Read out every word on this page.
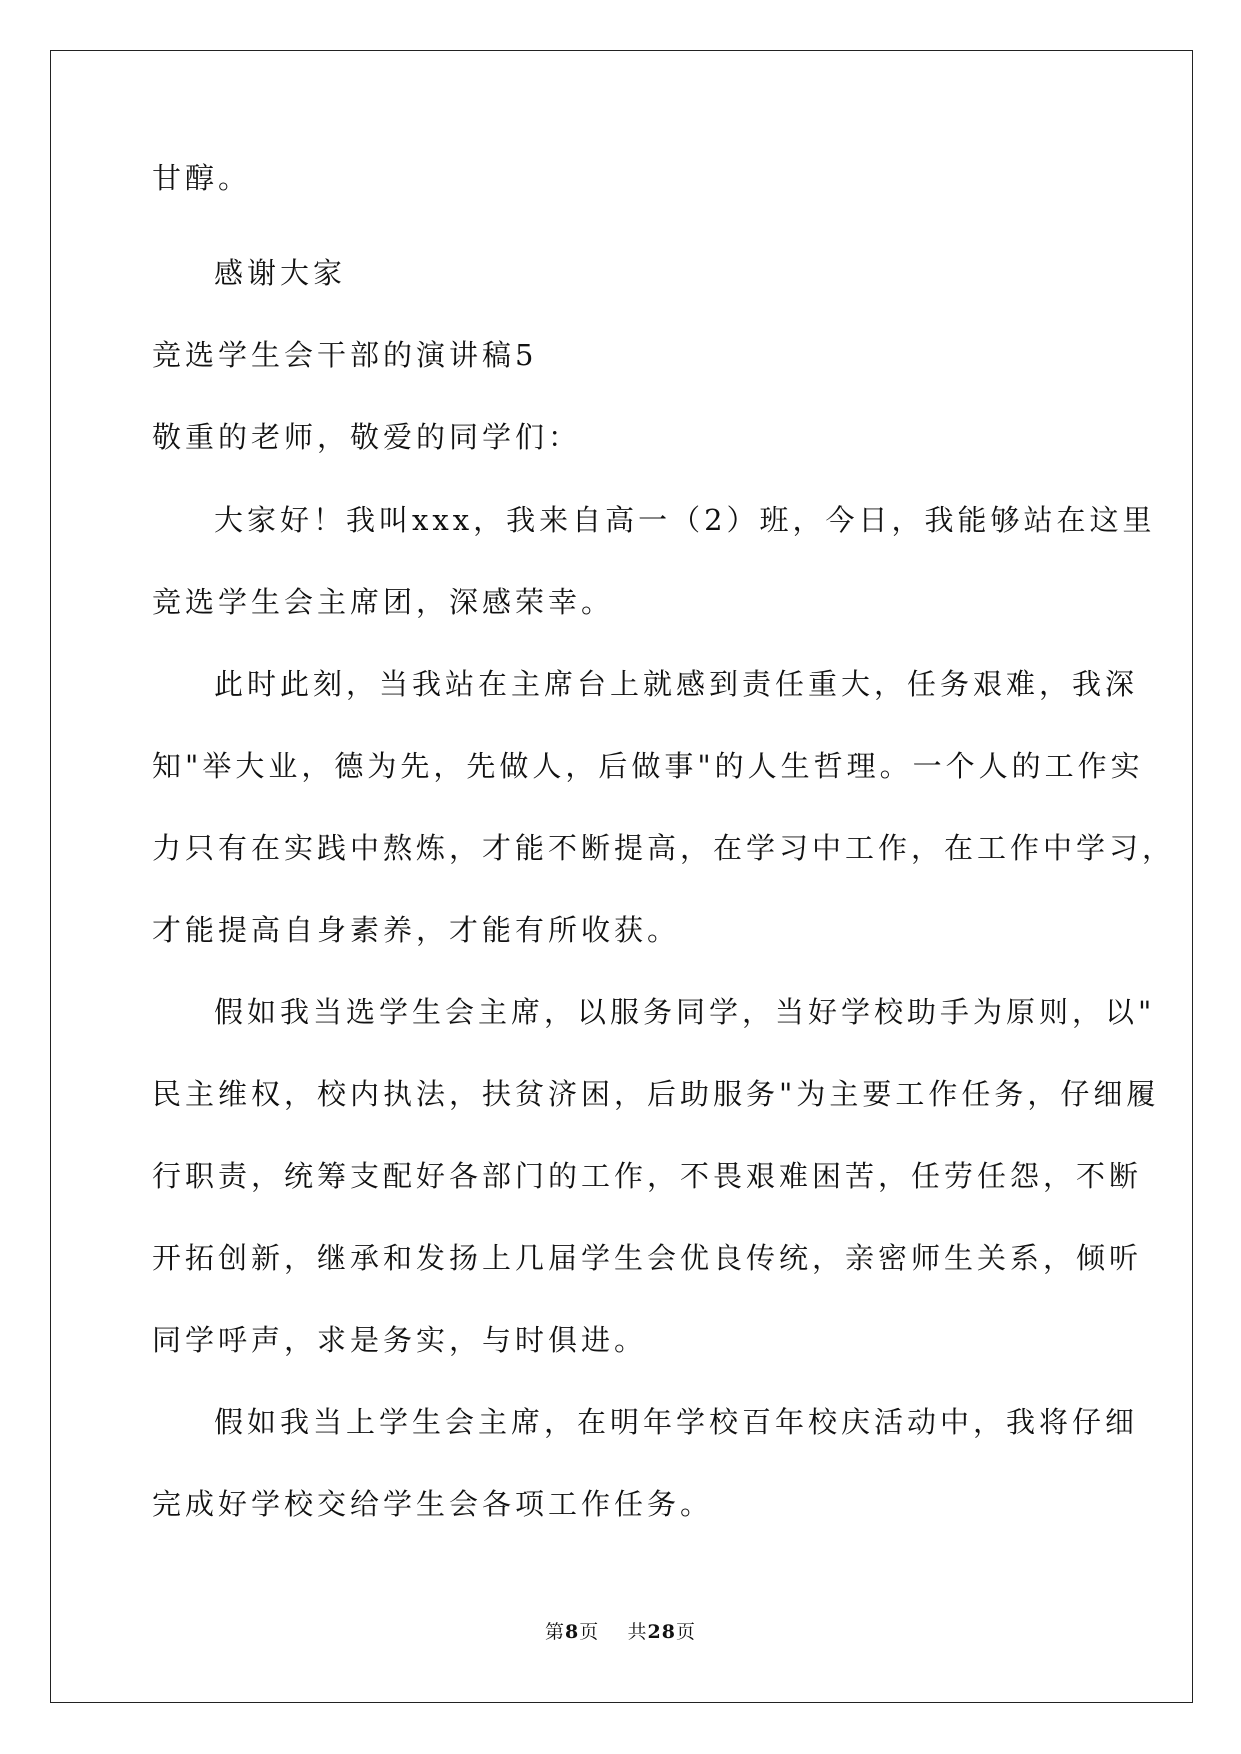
甘醇。
感谢大家
竞选学生会干部的演讲稿5
敬重的老师，敬爱的同学们：
大家好！我叫xxx，我来自高一（2）班，今日，我能够站在这里
竞选学生会主席团，深感荣幸。
此时此刻，当我站在主席台上就感到责任重大，任务艰难，我深
知"举大业，德为先，先做人，后做事"的人生哲理。一个人的工作实
力只有在实践中熬炼，才能不断提高，在学习中工作，在工作中学习，
才能提高自身素养，才能有所收获。
假如我当选学生会主席，以服务同学，当好学校助手为原则，以"
民主维权，校内执法，扶贫济困，后助服务"为主要工作任务，仔细履
行职责，统筹支配好各部门的工作，不畏艰难困苦，任劳任怨，不断
开拓创新，继承和发扬上几届学生会优良传统，亲密师生关系，倾听
同学呼声，求是务实，与时俱进。
假如我当上学生会主席，在明年学校百年校庆活动中，我将仔细
完成好学校交给学生会各项工作任务。
第8页 共28页
